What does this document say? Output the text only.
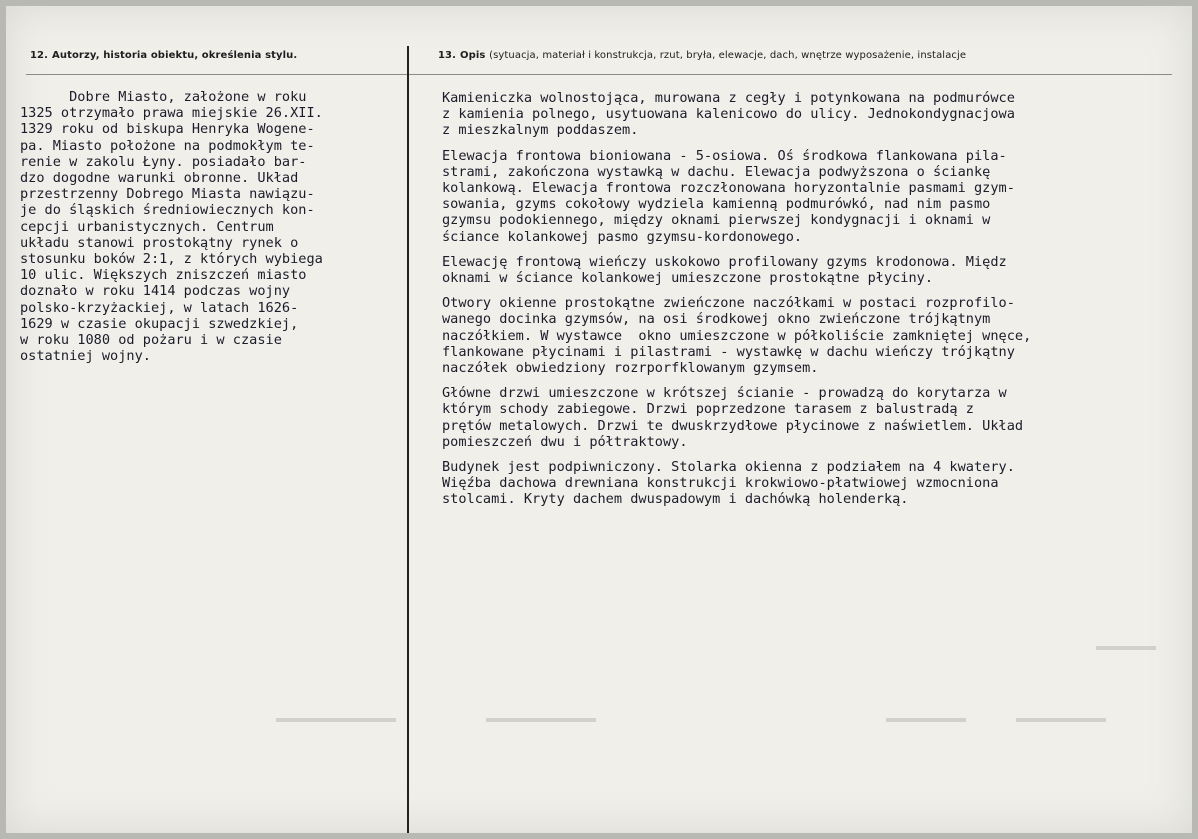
12. Autorzy, historia obiektu, określenia stylu.	13. Opis (sytuacja, materiał i konstrukcja, rzut, bryła, elewacje, dach, wnętrze wyposażenie, instalacje
Dobre Miasto, założone w roku
1325 otrzymało prawa miejskie 26.XII.
1329 roku od biskupa Henryka Wogene-
pa. Miasto położone na podmokłym te-
renie w zakolu Łyny. posiadało bar-
dzo dogodne warunki obronne. Układ
przestrzenny Dobrego Miasta nawiązu-
je do śląskich średniowiecznych kon-
cepcji urbanistycznych. Centrum
układu stanowi prostokątny rynek o
stosunku boków 2:1, z których wybiega
10 ulic. Większych zniszczeń miasto
doznało w roku 1414 podczas wojny
polsko-krzyżackiej, w latach 1626-
1629 w czasie okupacji szwedzkiej,
w roku 1080 od pożaru i w czasie
ostatniej wojny.
Kamieniczka wolnostojąca, murowana z cegły i potynkowana na podmurówce
z kamienia polnego, usytuowana kalenicowo do ulicy. Jednokondygnacjowa
z mieszkalnym poddaszem.
Elewacja frontowa bioniowana - 5-osiowa. Oś środkowa flankowana pila-
strami, zakończona wystawką w dachu. Elewacja podwyższona o ściankę
kolankową. Elewacja frontowa rozczłonowana horyzontalnie pasmami gzym-
sowania, gzyms cokołowy wydziela kamienną podmurówkó, nad nim pasmo
gzymsu podokiennego, między oknami pierwszej kondygnacji i oknami w
ściance kolankowej pasmo gzymsu-kordonowego.
Elewację frontową wieńczy uskokowo profilowany gzyms krodonowa. Międz
oknami w ściance kolankowej umieszczone prostokątne płyciny.
Otwory okienne prostokątne zwieńczone naczółkami w postaci rozprofilo-
wanego docinka gzymsów, na osi środkowej okno zwieńczone trójkątnym
naczółkiem. W wystawce  okno umieszczone w półkoliście zamkniętej wnęce,
flankowane płycinami i pilastrami - wystawkę w dachu wieńczy trójkątny
naczółek obwiedziony rozrporfklowanym gzymsem.
Główne drzwi umieszczone w krótszej ścianie - prowadzą do korytarza w
którym schody zabiegowe. Drzwi poprzedzone tarasem z balustradą z
prętów metalowych. Drzwi te dwuskrzydłowe płycinowe z naświetlem. Układ
pomieszczeń dwu i półtraktowy.
Budynek jest podpiwniczony. Stolarka okienna z podziałem na 4 kwatery.
Więźba dachowa drewniana konstrukcji krokwiowo-płatwiowej wzmocniona
stolcami. Kryty dachem dwuspadowym i dachówką holenderką.
